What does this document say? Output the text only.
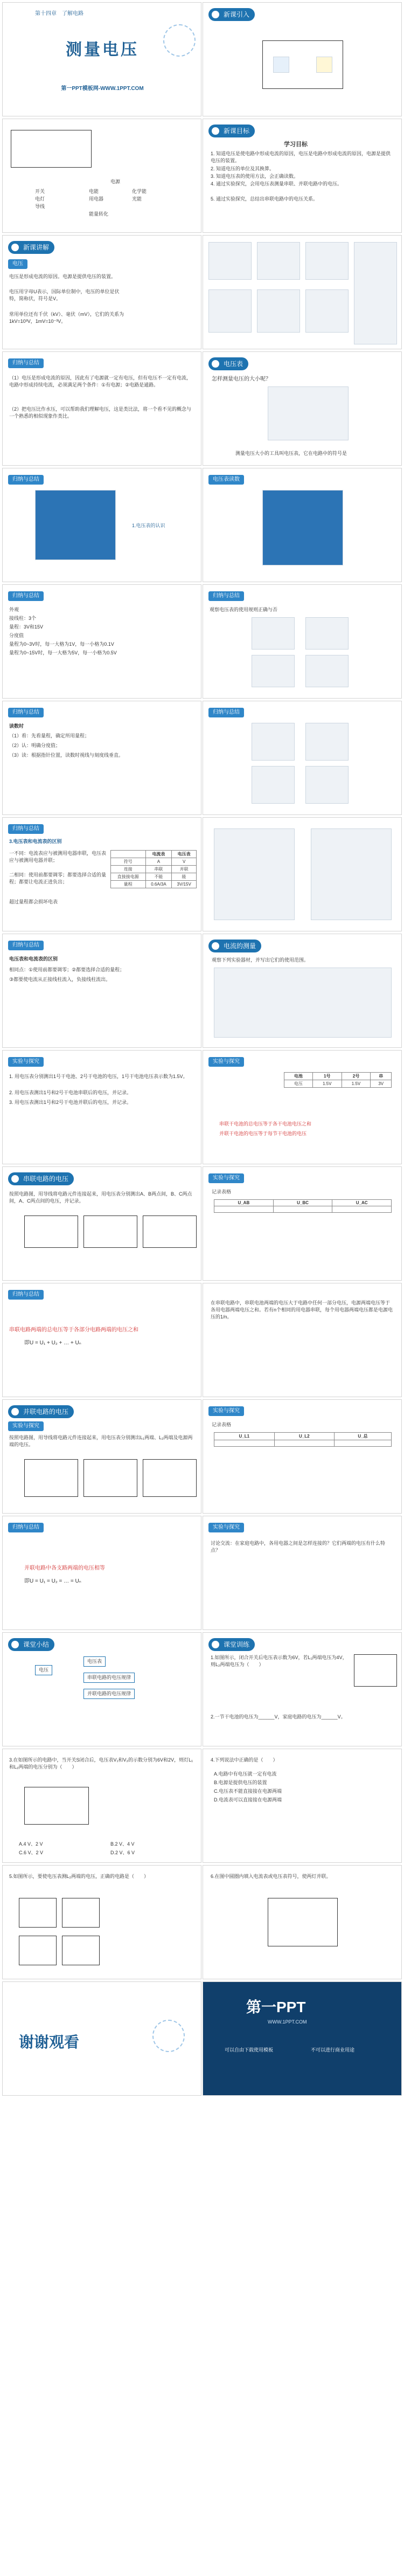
第十四章　了解电路
测量电压
第一PPT模板网-WWW.1PPT.COM
新课引入
电源
开关
电灯
导线
电能
用电器
化学能
光能
能量转化
新课目标
学习目标
1. 知道电压是使电路中形成电流的原因，电压是电路中形成电流的原因，电源是提供电压的装置。
2. 知道电压的单位及其换算。
3. 知道电压表的使用方法，会正确读数。
4. 通过实验探究，会用电压表测量串联、并联电路中的电压。
5. 通过实验探究，总结出串联电路中的电压关系。
新课讲解
电压
电压是形成电流的原因。电源是提供电压的装置。
电压用字母U表示，国际单位制中，电压的单位是伏特，简称伏，符号是V。
常用单位还有千伏（kV）、毫伏（mV），它们的关系为1kV=10³V，1mV=10⁻³V。
归纳与总结
（1）电压是形成电流的原因，因此有了电源就一定有电压，但有电压不一定有电流，电路中形成持续电流，必须满足两个条件：①有电源；②电路是通路。
（2）把电压比作水压，可以帮助我们理解电压，这是类比法，将一个看不见的概念与一个熟悉的相似现象作类比。
电压表
怎样测量电压的大小呢？
测量电压大小的工具叫电压表，它在电路中的符号是
归纳与总结
1.电压表的认识
电压表读数
归纳与总结
外观
接线柱：3个
量程：3V和15V
分度值
量程为0~3V时，每一大格为1V，每一小格为0.1V
量程为0~15V时，每一大格为5V，每一小格为0.5V
归纳与总结
观察电压表的使用规则正确与否
归纳与总结
读数时
（1）看：先看量程，确定所用量程；
（2）认：明确分度值；
（3）读：根据指针位置，读数时视线与刻度线垂直。
归纳与总结
归纳与总结
3.电压表和电流表的区别
一不同：电流表应与被测用电器串联，电压表应与被测用电器并联；
二相同：使用前都要调零；都要选择合适的量程；都要让电流正进负出；
超过量程都会损坏电表
	电流表	电压表
符号	A	V
连接	串联	并联
直接接电源	不能	能
量程	0.6A/3A	3V/15V
归纳与总结
电压表和电流表的区别
相同点：①使用前都要调零；②都要选择合适的量程；
③都要使电流从正接线柱流入，负接线柱流出。
电流的测量
观察下列实验器材，并写出它们的使用范围。
实验与探究
1. 用电压表分别测出1号干电池、2号干电池的电压，1号干电池电压表示数为1.5V。
2. 用电压表测出1号和2号干电池串联后的电压，并记录。
3. 用电压表测出1号和2号干电池并联后的电压，并记录。
实验与探究
电池	1号	2号	串
电压	1.5V	1.5V	3V
串联干电池的总电压等于各干电池电压之和
并联干电池的电压等于每节干电池的电压
串联电路的电压
按照电路图，用导线将电路元件连接起来，用电压表分别测出A、B两点间，B、C两点间，A、C两点间的电压，并记录。
实验与探究
记录表格
U_AB	U_BC	U_AC

归纳与总结
串联电路两端的总电压等于各部分电路两端的电压之和
即U = U₁ + U₂ + … + Uₙ
在串联电路中，串联电池两端的电压大于电路中任何一部分电压，电源两端电压等于各用电器两端电压之和。若有n个相同的用电器串联，每个用电器两端电压都是电源电压的1/n。
并联电路的电压
实验与探究
按照电路图，用导线将电路元件连接起来，用电压表分别测出L₁两端、L₂两端及电源两端的电压。
实验与探究
记录表格
U_L1	U_L2	U_总

归纳与总结
并联电路中各支路两端的电压相等
即U = U₁ = U₂ = … = Uₙ
实验与探究
讨论交流：在家庭电路中，各用电器之间是怎样连接的？它们两端的电压有什么特点？
课堂小结
电压
电压表
串联电路的电压规律
并联电路的电压规律
课堂训练
1.如图所示，闭合开关后电压表示数为6V，若L₁两端电压为4V，则L₂两端电压为（　　）
2.一节干电池的电压为______V，家庭电路的电压为______V。
3.在如图所示的电路中，当开关S闭合后，电压表V₁和V₂的示数分别为6V和2V，则灯L₁和L₂两端的电压分别为（　　）
A.4 V、2 V	B.2 V、4 V
C.6 V、2 V	D.2 V、6 V
4.下列说法中正确的是（　　）
A.电路中有电压就一定有电流
B.电源是提供电压的装置
C.电压表不能直接接在电源两端
D.电流表可以直接接在电源两端
5.如图所示，要使电压表测L₂两端的电压，正确的电路是（　　）	6.在图中圆圈内填入电流表或电压表符号，使两灯并联。
谢谢观看
第一PPT
WWW.1PPT.COM
可以自由下载使用模板	不可以进行商业用途
